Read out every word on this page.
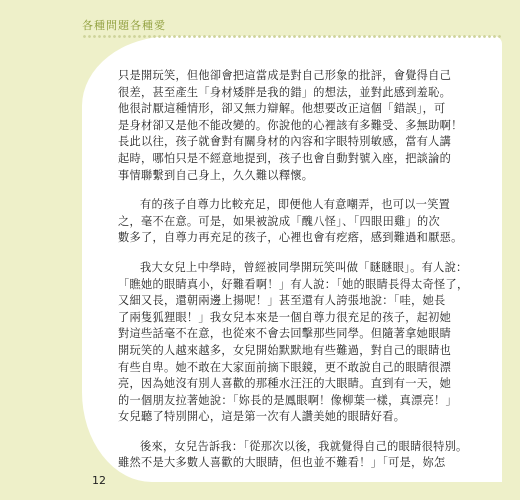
各種問題各種愛
只是開玩笑，但他卻會把這當成是對自己形象的批評，會覺得自己
很差，甚至產生「身材矮胖是我的錯」的想法，並對此感到羞恥。
他很討厭這種情形，卻又無力辯解。他想要改正這個「錯誤」，可
是身材卻又是他不能改變的。你說他的心裡該有多難受、多無助啊！
長此以往，孩子就會對有關身材的內容和字眼特別敏感，當有人講
起時，哪怕只是不經意地提到，孩子也會自動對號入座，把談論的
事情聯繫到自己身上，久久難以釋懷。
有的孩子自尊力比較充足，即便他人有意嘲弄，也可以一笑置
之，毫不在意。可是，如果被說成「醜八怪」、「四眼田雞」的次
數多了，自尊力再充足的孩子，心裡也會有疙瘩，感到難過和厭惡。
我大女兒上中學時，曾經被同學開玩笑叫做「瞇瞇眼」。有人說：
「瞧她的眼睛真小，好難看啊！」有人說：「她的眼睛長得太奇怪了，
又細又長，還朝兩邊上揚呢！」甚至還有人誇張地說：「哇，她長
了兩隻狐狸眼！」我女兒本來是一個自尊力很充足的孩子，起初她
對這些話毫不在意，也從來不會去回擊那些同學。但隨著拿她眼睛
開玩笑的人越來越多，女兒開始默默地有些難過，對自己的眼睛也
有些自卑。她不敢在大家面前摘下眼鏡，更不敢說自己的眼睛很漂
亮，因為她沒有別人喜歡的那種水汪汪的大眼睛。直到有一天，她
的一個朋友拉著她說：「妳長的是鳳眼啊！像柳葉一樣，真漂亮！」
女兒聽了特別開心，這是第一次有人讚美她的眼睛好看。
後來，女兒告訴我：「從那次以後，我就覺得自己的眼睛很特別。
雖然不是大多數人喜歡的大眼睛，但也並不難看！」「可是，妳怎
12
